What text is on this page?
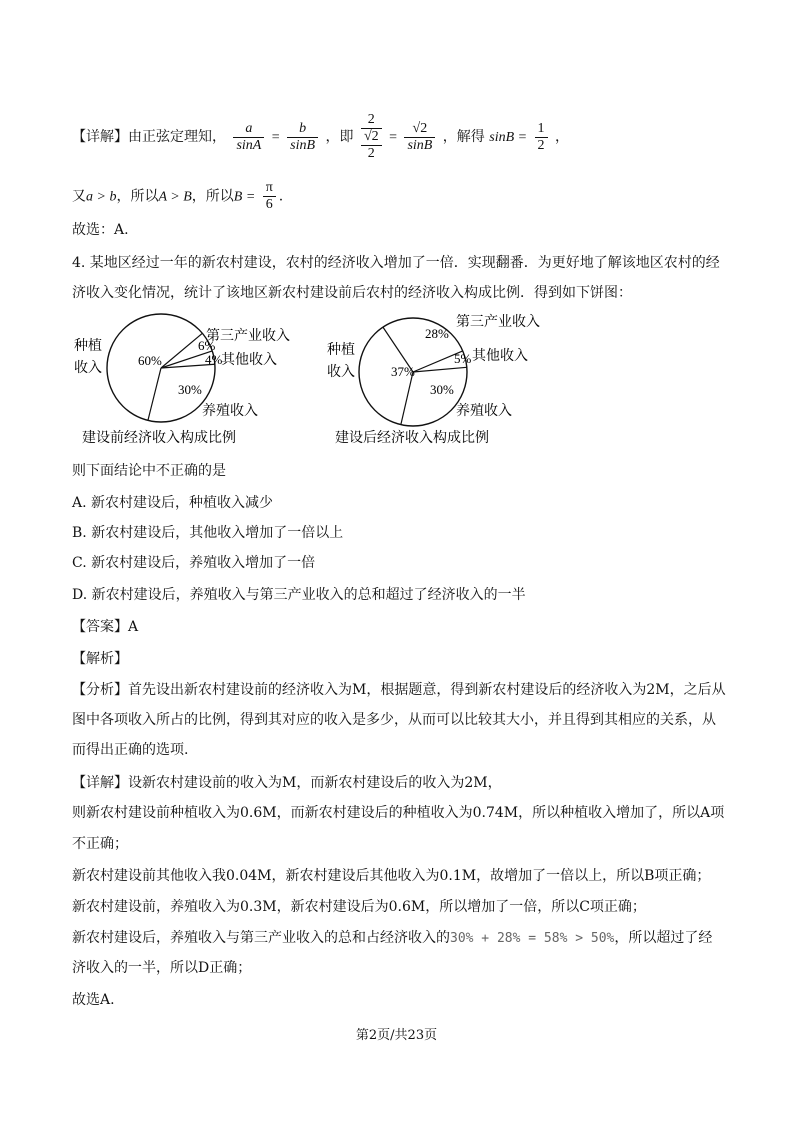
【详解】由正弦定理知， $\frac{a}{\sin A} = \frac{b}{\sin B}$ ，即 $\frac{2}{\frac{√2}{2}} = \frac{√2}{\sin B}$ ，解得 $\sin B = \frac{1}{2}$ ，
又a > b，所以A > B，所以$B = \frac{\pi}{6}$ .
故选：A.
4. 某地区经过一年的新农村建设，农村的经济收入增加了一倍．实现翻番．为更好地了解该地区农村的经
济收入变化情况，统计了该地区新农村建设前后农村的经济收入构成比例．得到如下饼图：
60%
6%
4%
30%
种植
收入
第三产业收入
其他收入
养殖收入
建设前经济收入构成比例
37%
28%
5%
30%
种植
收入
第三产业收入
其他收入
养殖收入
建设后经济收入构成比例
则下面结论中不正确的是
A. 新农村建设后，种植收入减少
B. 新农村建设后，其他收入增加了一倍以上
C. 新农村建设后，养殖收入增加了一倍
D. 新农村建设后，养殖收入与第三产业收入的总和超过了经济收入的一半
【答案】A
【解析】
【分析】首先设出新农村建设前的经济收入为M，根据题意，得到新农村建设后的经济收入为2M，之后从
图中各项收入所占的比例，得到其对应的收入是多少，从而可以比较其大小，并且得到其相应的关系，从
而得出正确的选项.
【详解】设新农村建设前的收入为M，而新农村建设后的收入为2M，
则新农村建设前种植收入为0.6M，而新农村建设后的种植收入为0.74M，所以种植收入增加了，所以A项
不正确；
新农村建设前其他收入我0.04M，新农村建设后其他收入为0.1M，故增加了一倍以上，所以B项正确；
新农村建设前，养殖收入为0.3M，新农村建设后为0.6M，所以增加了一倍，所以C项正确；
新农村建设后，养殖收入与第三产业收入的总和占经济收入的30% + 28% = 58% > 50%，所以超过了经
济收入的一半，所以D正确；
故选A.
第2页/共23页
